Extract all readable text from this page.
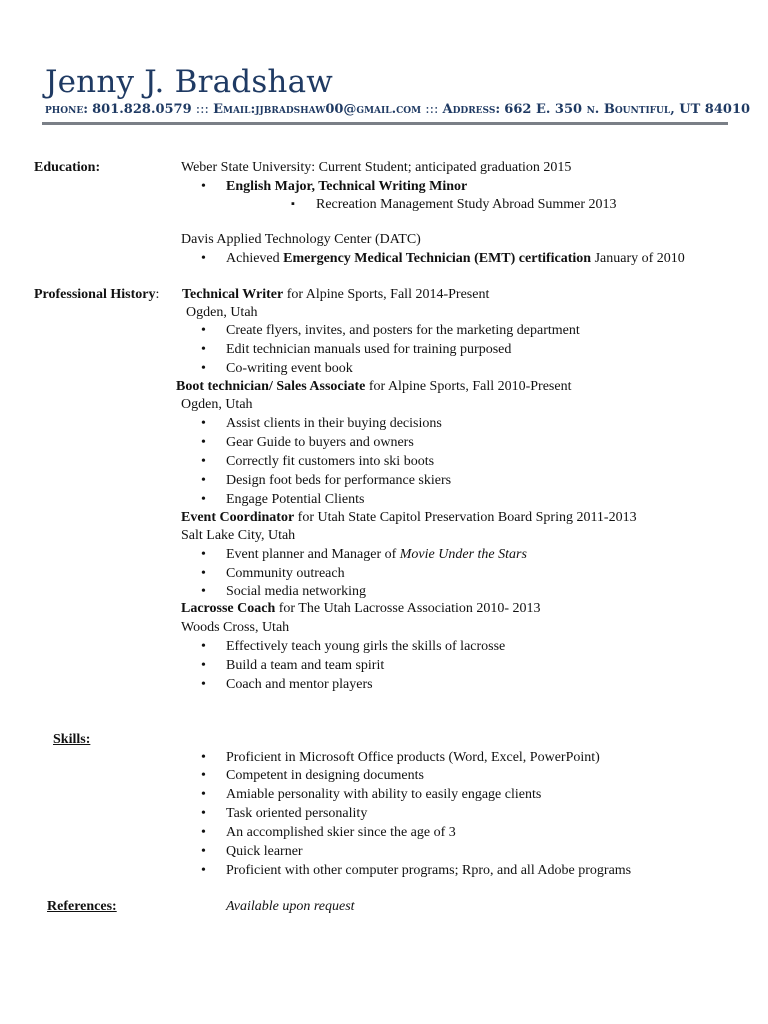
Jenny J. Bradshaw
phone: 801.828.0579 ::: Email:jjbradshaw00@gmail.com ::: Address: 662 E. 350 n. Bountiful, UT 84010
Education:	Weber State University: Current Student; anticipated graduation 2015
• English Major, Technical Writing Minor
▪ Recreation Management Study Abroad Summer 2013
Davis Applied Technology Center (DATC)
• Achieved Emergency Medical Technician (EMT) certification January of 2010
Professional History: Technical Writer for Alpine Sports, Fall 2014-Present
Ogden, Utah
• Create flyers, invites, and posters for the marketing department
• Edit technician manuals used for training purposed
• Co-writing event book
Boot technician/ Sales Associate for Alpine Sports, Fall 2010-Present
Ogden, Utah
• Assist clients in their buying decisions
• Gear Guide to buyers and owners
• Correctly fit customers into ski boots
• Design foot beds for performance skiers
• Engage Potential Clients
Event Coordinator for Utah State Capitol Preservation Board Spring 2011-2013
Salt Lake City, Utah
• Event planner and Manager of Movie Under the Stars
• Community outreach
• Social media networking
Lacrosse Coach for The Utah Lacrosse Association 2010- 2013
Woods Cross, Utah
• Effectively teach young girls the skills of lacrosse
• Build a team and team spirit
• Coach and mentor players
Skills:
• Proficient in Microsoft Office products (Word, Excel, PowerPoint)
• Competent in designing documents
• Amiable personality with ability to easily engage clients
• Task oriented personality
• An accomplished skier since the age of 3
• Quick learner
• Proficient with other computer programs; Rpro, and all Adobe programs
References:	Available upon request
